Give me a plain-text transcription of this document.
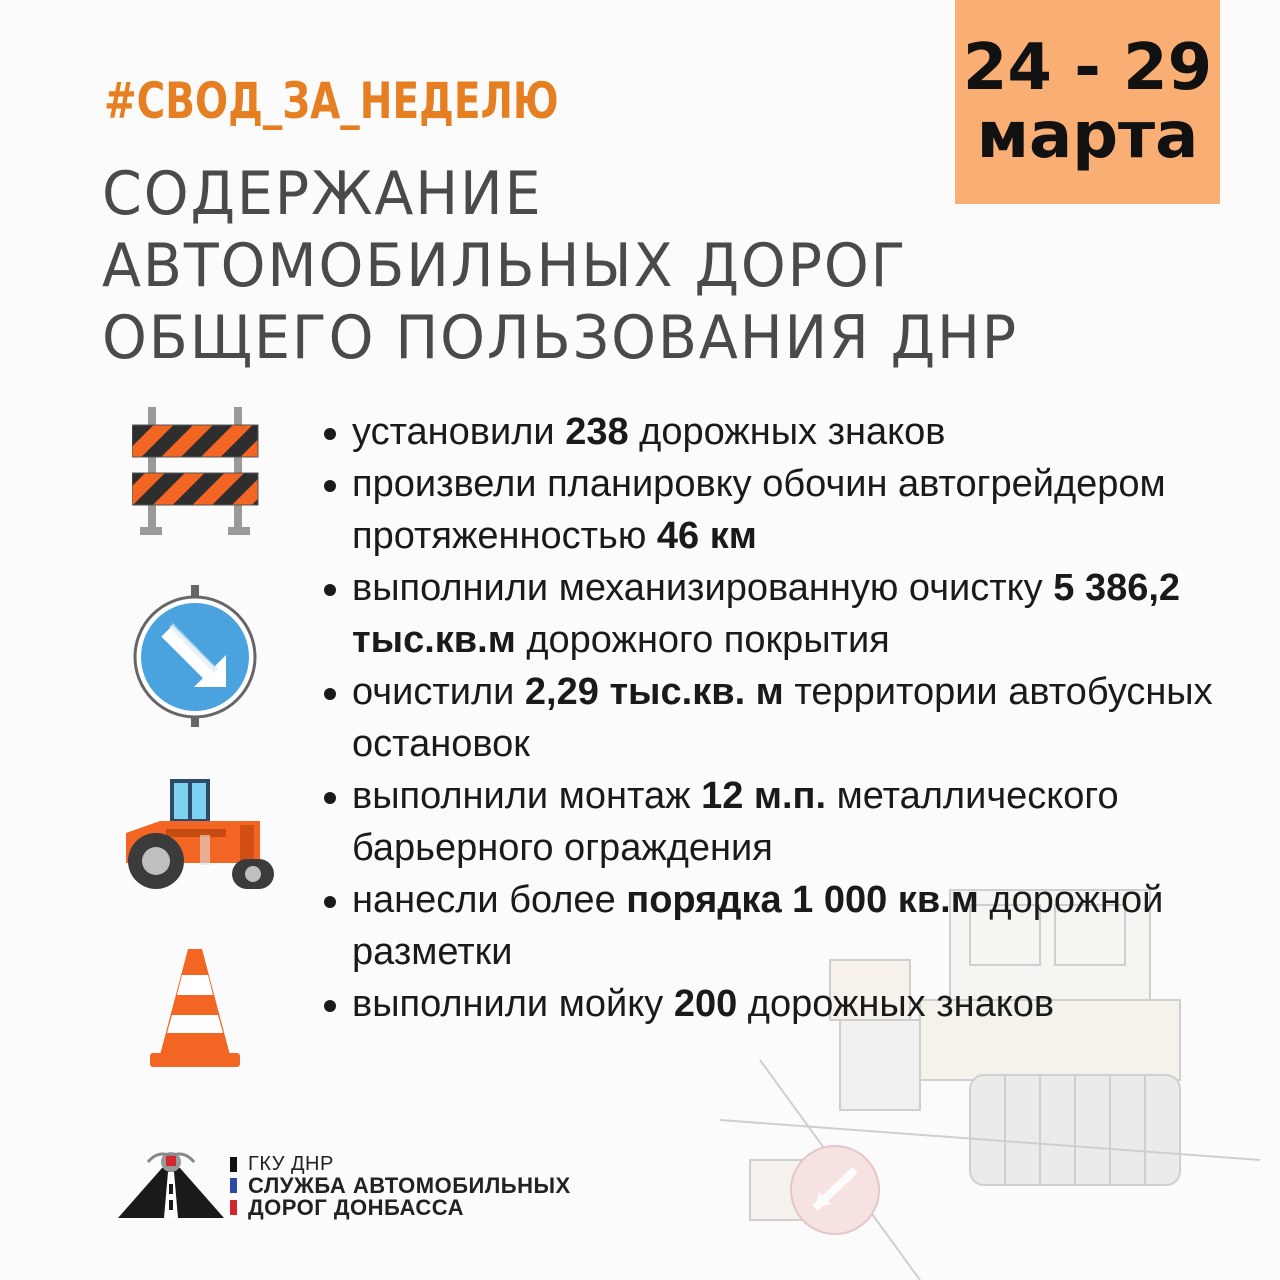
#СВОД_ЗА_НЕДЕЛЮ	24 - 29
марта
СОДЕРЖАНИЕ
АВТОМОБИЛЬНЫХ ДОРОГ
ОБЩЕГО ПОЛЬЗОВАНИЯ ДНР
установили 238 дорожных знаков
произвели планировку обочин автогрейдером протяженностью 46 км
выполнили механизированную очистку 5 386,2 тыс.кв.м дорожного покрытия
очистили 2,29 тыс.кв. м территории автобусных остановок
выполнили монтаж 12 м.п. металлического барьерного ограждения
нанесли более порядка 1 000 кв.м дорожной разметки
выполнили мойку 200 дорожных знаков
ГКУ ДНР
СЛУЖБА АВТОМОБИЛЬНЫХ
ДОРОГ ДОНБАССА
